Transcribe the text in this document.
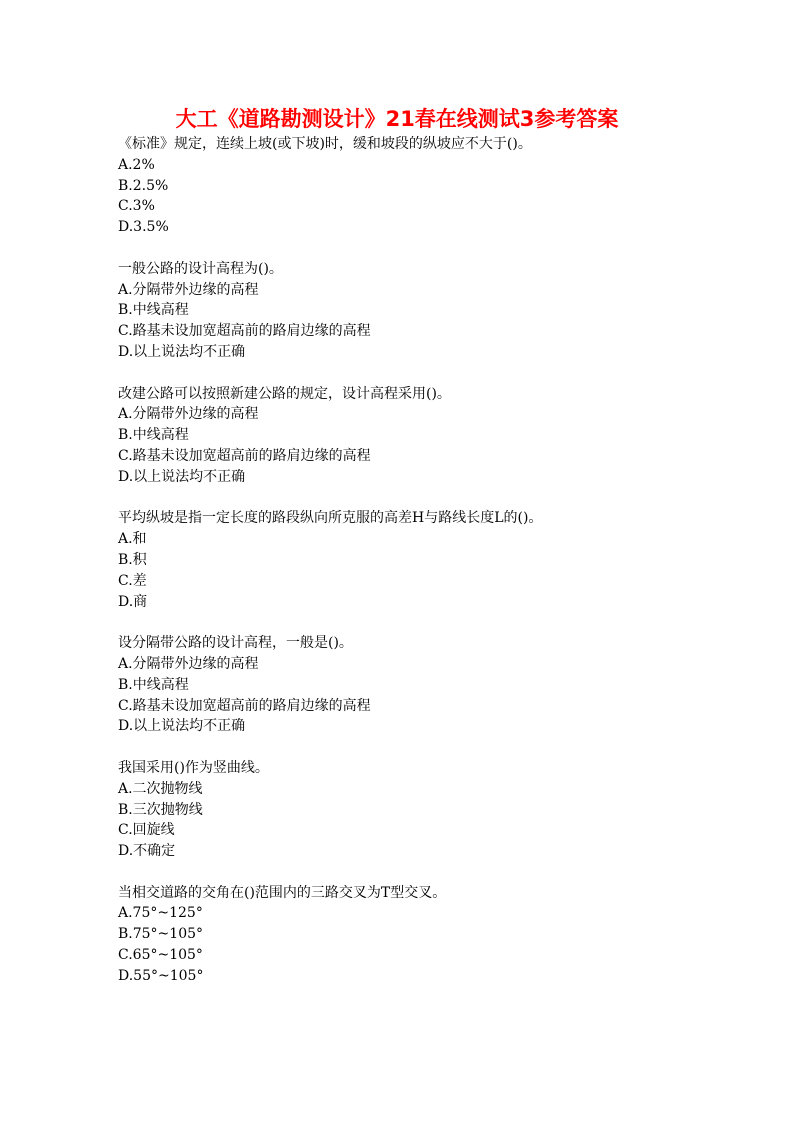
大工《道路勘测设计》21春在线测试3参考答案
《标准》规定，连续上坡(或下坡)时，缓和坡段的纵坡应不大于()。
A.2%
B.2.5%
C.3%
D.3.5%
一般公路的设计高程为()。
A.分隔带外边缘的高程
B.中线高程
C.路基未设加宽超高前的路肩边缘的高程
D.以上说法均不正确
改建公路可以按照新建公路的规定，设计高程采用()。
A.分隔带外边缘的高程
B.中线高程
C.路基未设加宽超高前的路肩边缘的高程
D.以上说法均不正确
平均纵坡是指一定长度的路段纵向所克服的高差H与路线长度L的()。
A.和
B.积
C.差
D.商
设分隔带公路的设计高程，一般是()。
A.分隔带外边缘的高程
B.中线高程
C.路基未设加宽超高前的路肩边缘的高程
D.以上说法均不正确
我国采用()作为竖曲线。
A.二次抛物线
B.三次抛物线
C.回旋线
D.不确定
当相交道路的交角在()范围内的三路交叉为T型交叉。
A.75°~125°
B.75°~105°
C.65°~105°
D.55°~105°
